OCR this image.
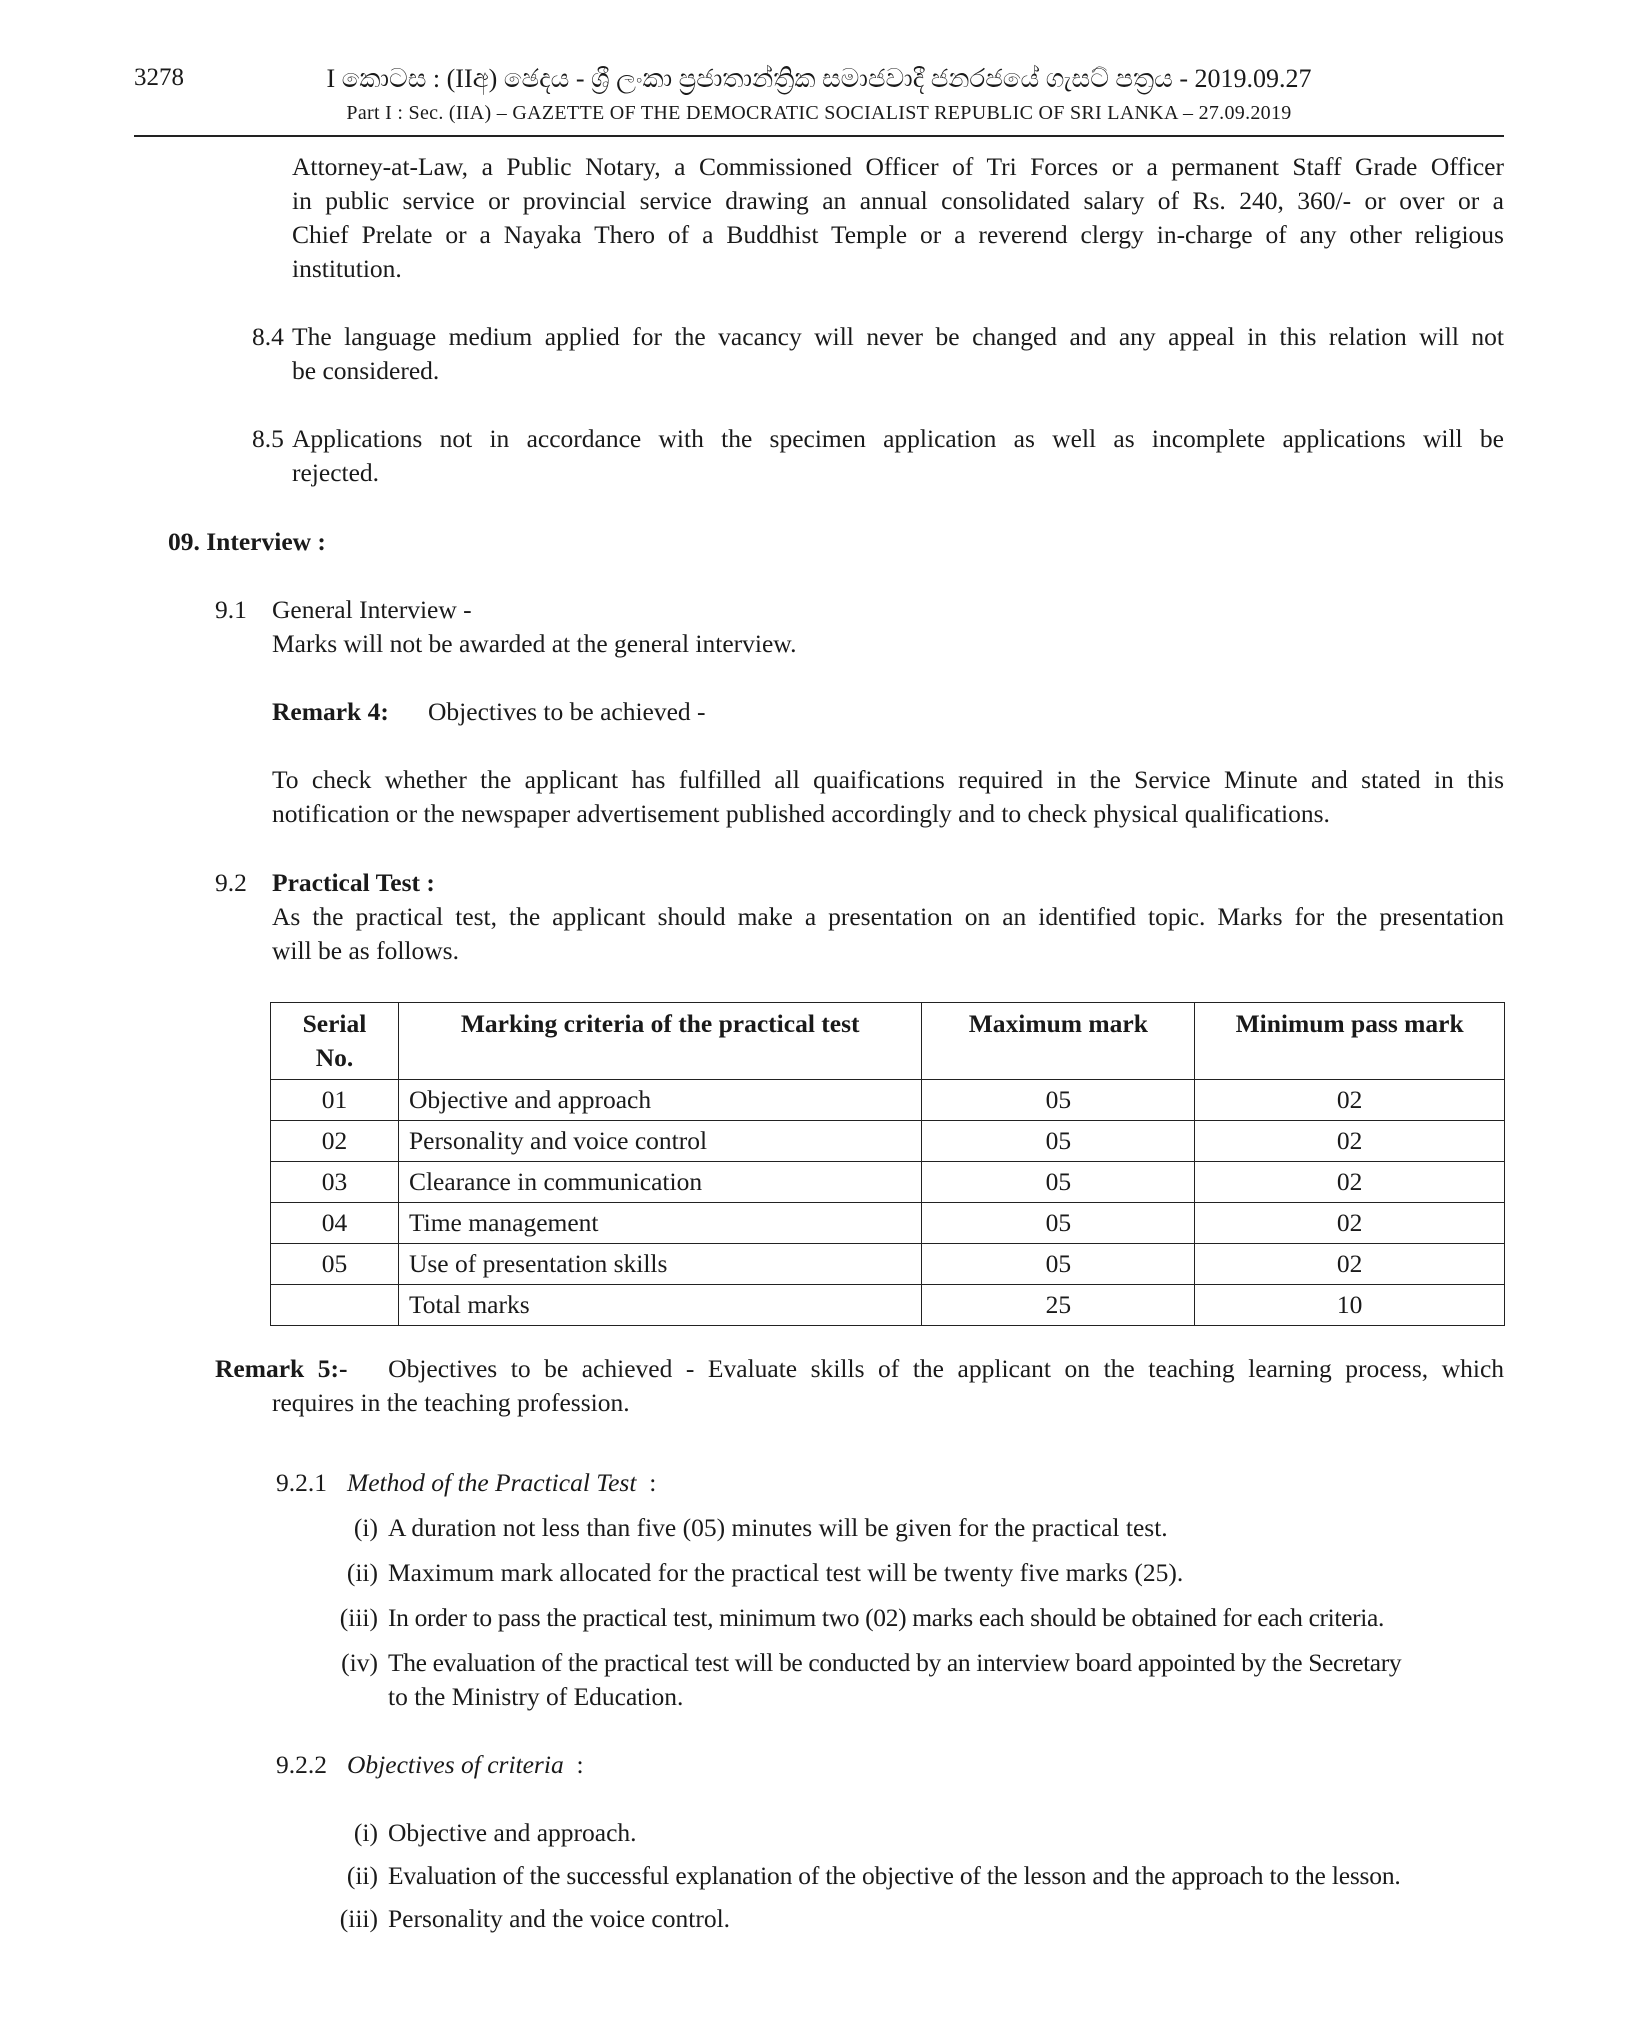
3278	I කොටස : (IIඅ) ඡෙදය - ශ්‍රී ලංකා ප්‍රජාතාන්ත්‍රික සමාජවාදී ජනරජයේ ගැසට් පත්‍රය - 2019.09.27
Part I : Sec. (IIA) – GAZETTE OF THE DEMOCRATIC SOCIALIST REPUBLIC OF SRI LANKA – 27.09.2019
Attorney-at-Law, a Public Notary, a Commissioned Officer of Tri Forces or a permanent Staff Grade Officer
in public service or provincial service drawing an annual consolidated salary of Rs. 240, 360/- or over or a
Chief Prelate or a Nayaka Thero of a Buddhist Temple or a reverend clergy in-charge of any other religious
institution.
8.4 The language medium applied for the vacancy will never be changed and any appeal in this relation will not
be considered.
8.5 Applications not in accordance with the specimen application as well as incomplete applications will be
rejected.
09. Interview :
9.1 General Interview -
Marks will not be awarded at the general interview.
Remark 4: Objectives to be achieved -
To check whether the applicant has fulfilled all quaifications required in the Service Minute and stated in this
notification or the newspaper advertisement published accordingly and to check physical qualifications.
9.2 Practical Test :
As the practical test, the applicant should make a presentation on an identified topic. Marks for the presentation
will be as follows.
Serial
No.	Marking criteria of the practical test	Maximum mark	Minimum pass mark
01	Objective and approach	05	02
02	Personality and voice control	05	02
03	Clearance in communication	05	02
04	Time management	05	02
05	Use of presentation skills	05	02
	Total marks	25	10
Remark 5:- Objectives to be achieved - Evaluate skills of the applicant on the teaching learning process, which
requires in the teaching profession.
9.2.1 Method of the Practical Test :
(i) A duration not less than five (05) minutes will be given for the practical test.
(ii) Maximum mark allocated for the practical test will be twenty five marks (25).
(iii) In order to pass the practical test, minimum two (02) marks each should be obtained for each criteria.
(iv) The evaluation of the practical test will be conducted by an interview board appointed by the Secretary
to the Ministry of Education.
9.2.2 Objectives of criteria :
(i) Objective and approach.
(ii) Evaluation of the successful explanation of the objective of the lesson and the approach to the lesson.
(iii) Personality and the voice control.
